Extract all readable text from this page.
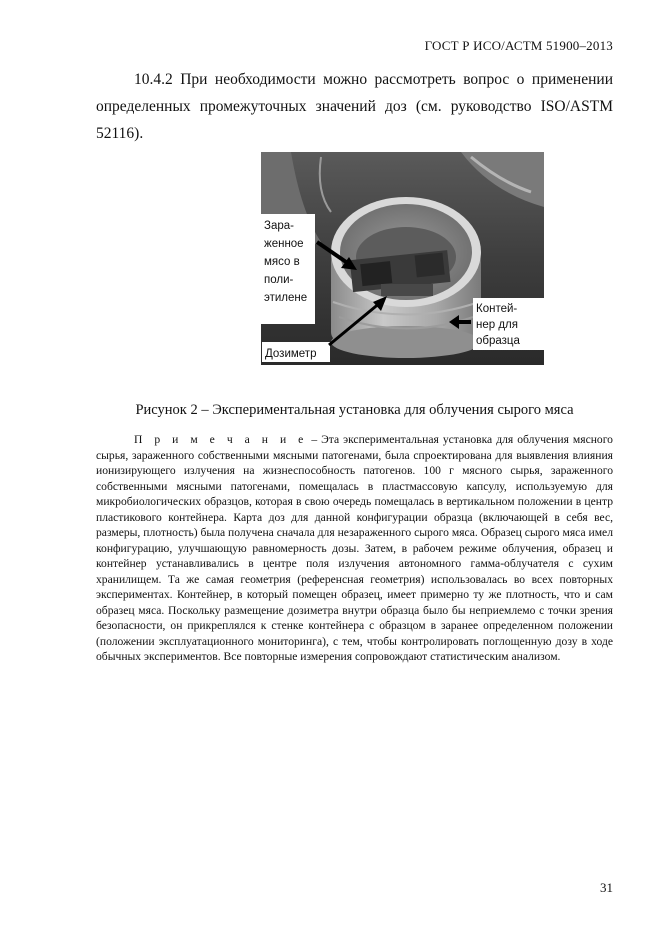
ГОСТ Р ИСО/АСТМ 51900–2013
10.4.2 При необходимости можно рассмотреть вопрос о применении определенных промежуточных значений доз (см. руководство ISO/ASTM 52116).
Зара-
женное
мясо в
поли-
этилене
Контей-
нер для
образца
Дозиметр
Рисунок 2 – Экспериментальная установка для облучения сырого мяса
П р и м е ч а н и е – Эта экспериментальная установка для облучения мясного сырья, зараженного собственными мясными патогенами, была спроектирована для выявления влияния ионизирующего излучения на жизнеспособность патогенов. 100 г мясного сырья, зараженного собственными мясными патогенами, помещалась в пластмассовую капсулу, используемую для микробиологических образцов, которая в свою очередь помещалась в вертикальном положении в центр пластикового контейнера. Карта доз для данной конфигурации образца (включающей в себя вес, размеры, плотность) была получена сначала для незараженного сырого мяса. Образец сырого мяса имел конфигурацию, улучшающую равномерность дозы. Затем, в рабочем режиме облучения, образец и контейнер устанавливались в центре поля излучения автономного гамма-облучателя с сухим хранилищем. Та же самая геометрия (референсная геометрия) использовалась во всех повторных экспериментах. Контейнер, в который помещен образец, имеет примерно ту же плотность, что и сам образец мяса. Поскольку размещение дозиметра внутри образца было бы неприемлемо с точки зрения безопасности, он прикреплялся к стенке контейнера с образцом в заранее определенном положении (положении эксплуатационного мониторинга), с тем, чтобы контролировать поглощенную дозу в ходе обычных экспериментов. Все повторные измерения сопровождают статистическим анализом.
31
